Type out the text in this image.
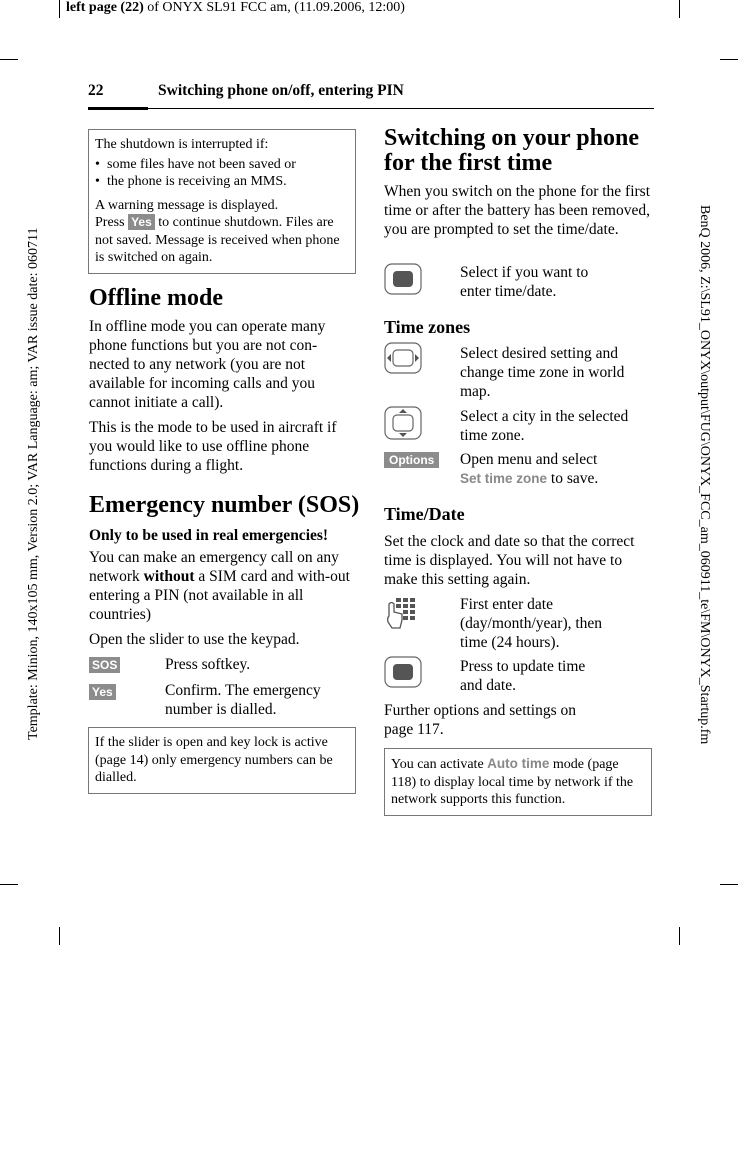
left page (22) of ONYX SL91 FCC am, (11.09.2006, 12:00)
Template: Minion, 140x105 mm, Version 2.0; VAR Language: am; VAR issue date: 060711	BenQ 2006, Z:\SL91_ONYX\output\FUG\ONYX_FCC_am_060911_te\FM\ONYX_Startup.fm
22	Switching phone on/off, entering PIN

The shutdown is interrupted if:

• some files have not been saved or
• the phone is receiving an MMS.

A warning message is displayed.

Press Yes to continue shutdown. Files are not saved. Message is received when phone is switched on again.

Offline mode

In offline mode you can operate many phone functions but you are not con-nected to any network (you are not available for incoming calls and you cannot initiate a call).

This is the mode to be used in aircraft if you would like to use offline phone functions during a flight.

Emergency number (SOS)

Only to be used in real emergencies!

You can make an emergency call on any network without a SIM card and with-out entering a PIN (not available in all countries)

Open the slider to use the keypad.

SOS	Press softkey.
Yes	Confirm. The emergency number is dialled.
If the slider is open and key lock is active (page 14) only emergency numbers can be dialled.
Switching on your phone
for the first time
When you switch on the phone for the first time or after the battery has been removed, you are prompted to set the time/date.
Select if you want to enter time/date.
Time zones
Select desired setting and change time zone in world map.
Select a city in the selected time zone.
Options	Open menu and select
Set time zone to save.
Time/Date
Set the clock and date so that the correct time is displayed. You will not have to make this setting again.
First enter date (day/month/year), then time (24 hours).
Press to update time and date.
Further options and settings on page 117.
You can activate Auto time mode (page 118) to display local time by network if the network supports this function.
